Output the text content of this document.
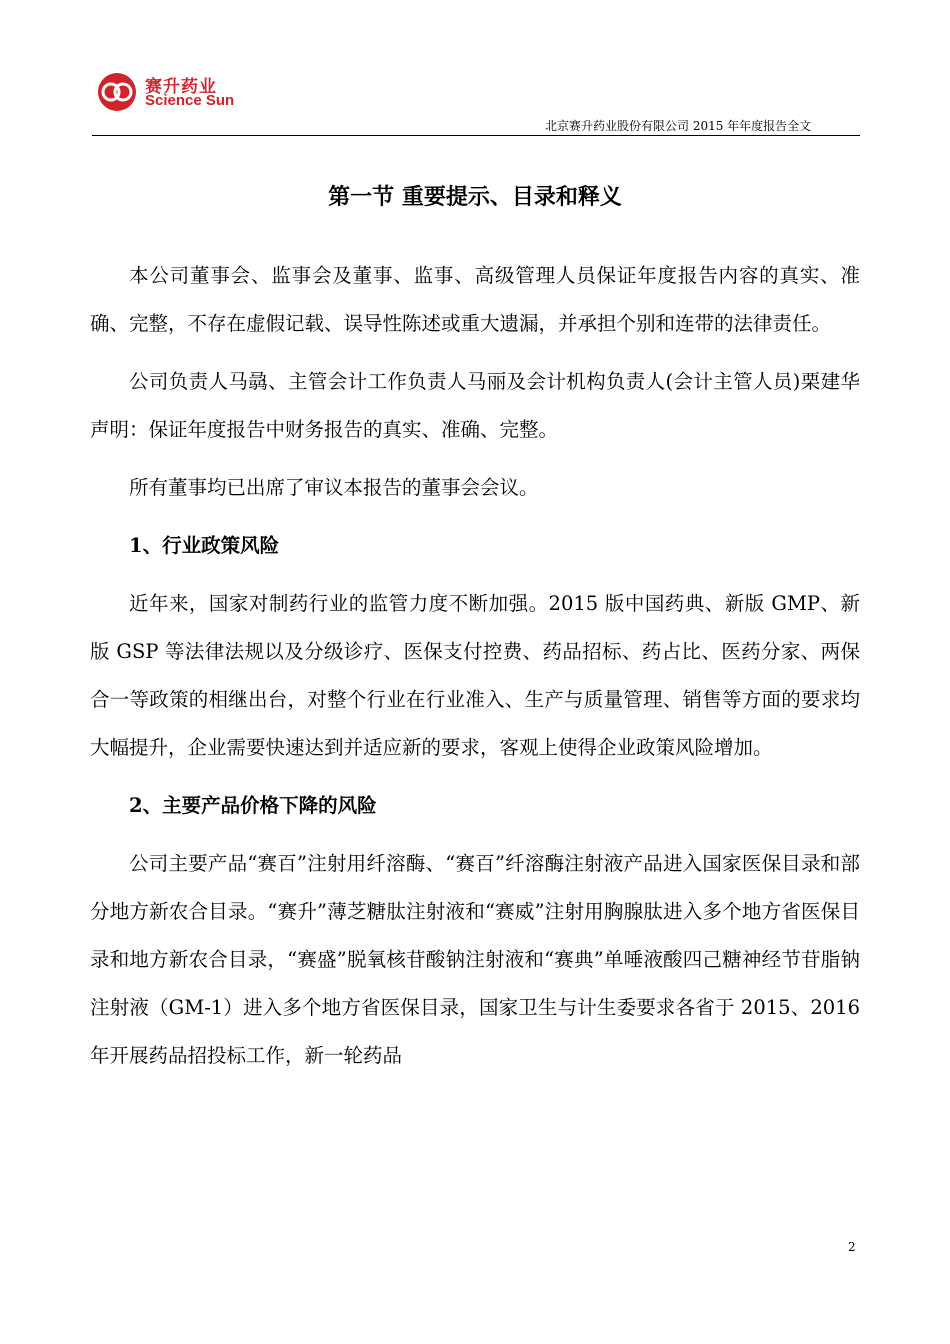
赛升药业
Science Sun
北京赛升药业股份有限公司 2015 年年度报告全文
第一节 重要提示、目录和释义

本公司董事会、监事会及董事、监事、高级管理人员保证年度报告内容的真实、准确、完整，不存在虚假记载、误导性陈述或重大遗漏，并承担个别和连带的法律责任。

公司负责人马骉、主管会计工作负责人马丽及会计机构负责人(会计主管人员)栗建华声明：保证年度报告中财务报告的真实、准确、完整。

所有董事均已出席了审议本报告的董事会会议。

1、行业政策风险

近年来，国家对制药行业的监管力度不断加强。2015 版中国药典、新版 GMP、新版 GSP 等法律法规以及分级诊疗、医保支付控费、药品招标、药占比、医药分家、两保合一等政策的相继出台，对整个行业在行业准入、生产与质量管理、销售等方面的要求均大幅提升，企业需要快速达到并适应新的要求，客观上使得企业政策风险增加。

2、主要产品价格下降的风险

公司主要产品“赛百”注射用纤溶酶、“赛百”纤溶酶注射液产品进入国家医保目录和部分地方新农合目录。“赛升”薄芝糖肽注射液和“赛威”注射用胸腺肽进入多个地方省医保目录和地方新农合目录，“赛盛”脱氧核苷酸钠注射液和“赛典”单唾液酸四己糖神经节苷脂钠注射液（GM-1）进入多个地方省医保目录，国家卫生与计生委要求各省于 2015、2016 年开展药品招投标工作，新一轮药品

2
